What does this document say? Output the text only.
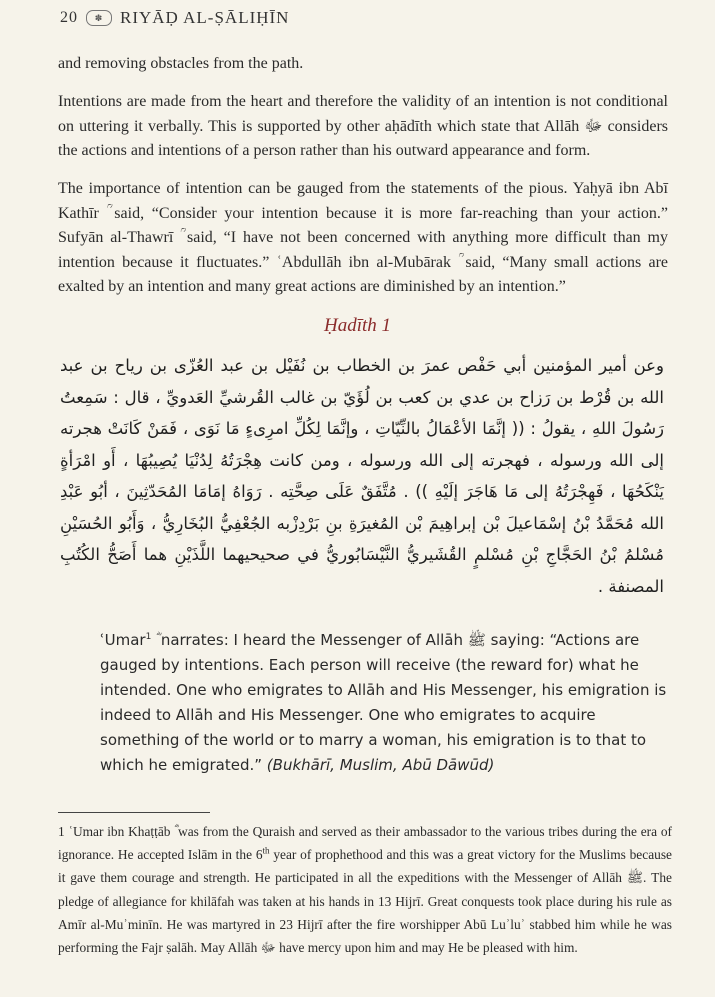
20	✽ RIYĀḌ AL-ṢĀLIḤĪN

and removing obstacles from the path.

Intentions are made from the heart and therefore the validity of an intention is not conditional on uttering it verbally. This is supported by other aḥādīth which state that Allāh ﷻ considers the actions and intentions of a person rather than his outward appearance and form.

The importance of intention can be gauged from the statements of the pious. Yaḥyā ibn Abī Kathīr ؒ said, “Consider your intention because it is more far-reaching than your action.” Sufyān al-Thawrī ؒ said, “I have not been concerned with anything more difficult than my intention because it fluctuates.” ʿAbdullāh ibn al-Mubārak ؒ said, “Many small actions are exalted by an intention and many great actions are diminished by an intention.”

Ḥadīth 1
وعن أمير المؤمنين أبي حَفْص عمرَ بن الخطاب بن نُفَيْل بن عبد العُزّى بن رياح بن عبد الله بن قُرْط بن رَزاح بن عدي بن كعب بن لُؤَيّ بن غالب القُرشيِّ العَدويِّ ، قال : سَمِعتُ رَسُولَ اللهِ ، يقولُ : (( إنَّمَا الأعْمَالُ بالنِّيّاتِ ، وإنَّمَا لِكُلِّ امرِىءٍ مَا نَوَى ، فَمَنْ كَانَتْ هجرته إلى الله ورسوله ، فهجرته إلى الله ورسوله ، ومن كانت هِجْرَتُهُ لِدُنْيَا يُصِيبُهَا ، أَو امْرَأةٍ يَنْكَحُهَا ، فَهِجْرَتُهُ إلى مَا هَاجَرَ إلَيْهِ )) . مُتَّفَقٌ عَلَى صِحَّتِه . رَوَاهُ إمَامَا المُحَدّثِينَ ، أبُو عَبْدِ الله مُحَمَّدُ بْنُ إسْمَاعيلَ بْن إبراهِيمَ بْن المُغيرَةِ بنِ بَرْدِزْبه الجُعْفِيُّ البُخَارِيُّ ، وَأَبُو الحُسَيْنِ مُسْلمُ بْنُ الحَجَّاجِ بْنِ مُسْلمٍ القُشَيريُّ النَّيْسَابُوريُّ في صحيحيهما اللَّذَيْنِ هما أَصَحُّ الكُتُبِ المصنفة .

ʿUmar$^1$ ؓ narrates: I heard the Messenger of Allāh ﷺ saying: “Actions are gauged by intentions. Each person will receive (the reward for) what he intended. One who emigrates to Allāh and His Messenger, his emigration is indeed to Allāh and His Messenger. One who emigrates to acquire something of the world or to marry a woman, his emigration is to that to which he emigrated.” (Bukhārī, Muslim, Abū Dāwūd)

1 ʿUmar ibn Khaṭṭāb ؓ was from the Quraish and served as their ambassador to the various tribes during the era of ignorance. He accepted Islām in the 6th year of prophethood and this was a great victory for the Muslims because it gave them courage and strength. He participated in all the expeditions with the Messenger of Allāh ﷺ. The pledge of allegiance for khilāfah was taken at his hands in 13 Hijrī. Great conquests took place during his rule as Amīr al-Muʾminīn. He was martyred in 23 Hijrī after the fire worshipper Abū Luʾluʾ stabbed him while he was performing the Fajr ṣalāh. May Allāh ﷻ have mercy upon him and may He be pleased with him.
